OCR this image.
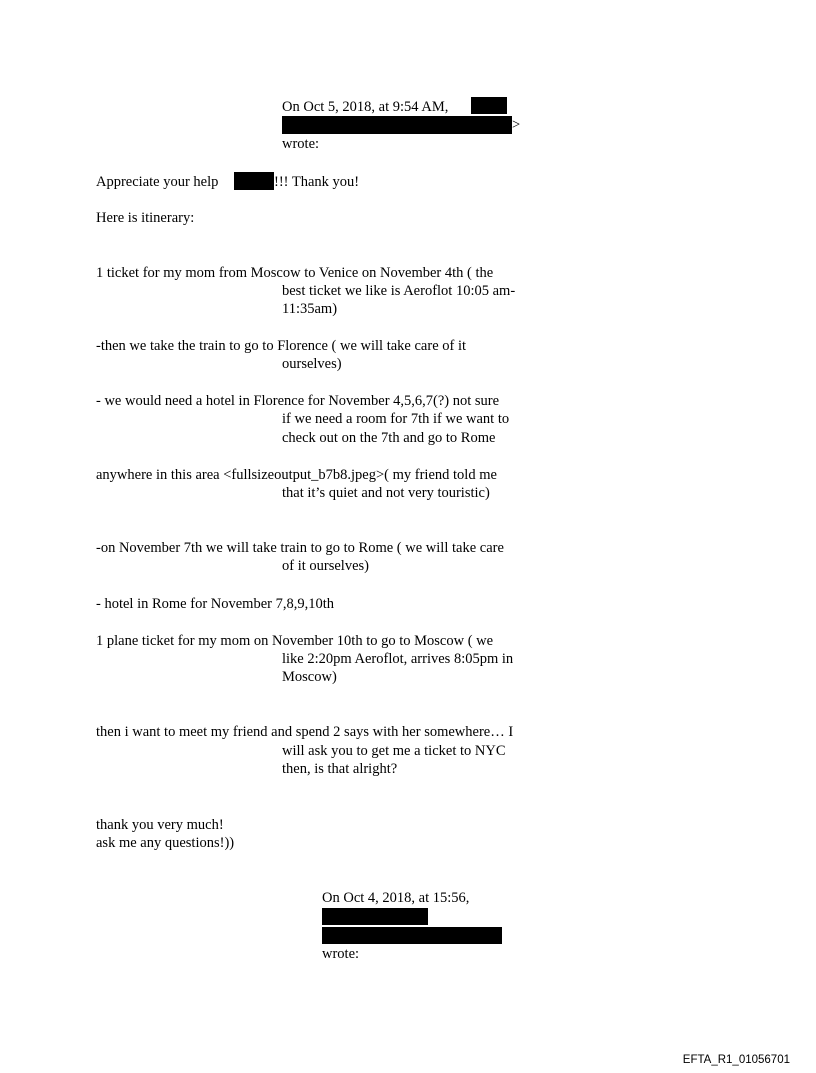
On Oct 5, 2018, at 9:54 AM,
>
wrote:
Appreciate your help	!!! Thank you!
Here is itinerary:
1 ticket for my mom from Moscow to Venice on November 4th ( the
best ticket we like is Aeroflot 10:05 am-
11:35am)
-then we take the train to go to Florence ( we will take care of it
ourselves)
- we would need a hotel in Florence for November 4,5,6,7(?) not sure
if we need a room for 7th if we want to
check out on the 7th and go to Rome
anywhere in this area <fullsizeoutput_b7b8.jpeg>( my friend told me
that it’s quiet and not very touristic)
-on November 7th we will take train to go to Rome ( we will take care
of it ourselves)
- hotel in Rome for November 7,8,9,10th
1 plane ticket for my mom on November 10th to go to Moscow ( we
like 2:20pm Aeroflot, arrives 8:05pm in
Moscow)
then i want to meet my friend and spend 2 says with her somewhere… I
will ask you to get me a ticket to NYC
then, is that alright?
thank you very much!
ask me any questions!))
On Oct 4, 2018, at 15:56,
wrote:
EFTA_R1_01056701
